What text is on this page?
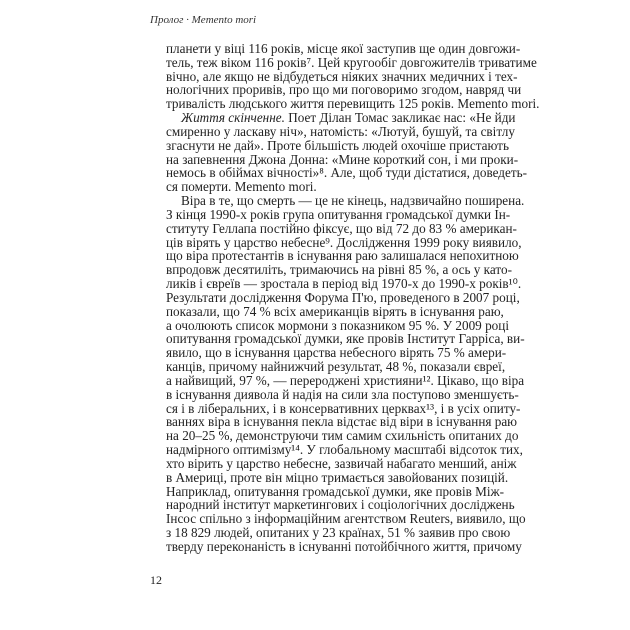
Пролог · Memento mori
планети у віці 116 років, місце якої заступив ще один довгожи-
тель, теж віком 116 років⁷. Цей кругообіг довгожителів триватиме
вічно, але якщо не відбудеться ніяких значних медичних і тех-
нологічних проривів, про що ми поговоримо згодом, навряд чи
тривалість людського життя перевищить 125 років. Memento mori.
Життя скінченне. Поет Ділан Томас закликає нас: «Не йди
смиренно у ласкаву ніч», натомість: «Лютуй, бушуй, та світлу
згаснути не дай». Проте більшість людей охочіше пристають
на запевнення Джона Донна: «Мине короткий сон, і ми проки-
немось в обіймах вічності»⁸. Але, щоб туди дістатися, доведеть-
ся померти. Memento mori.
Віра в те, що смерть — це не кінець, надзвичайно поширена.
З кінця 1990-х років група опитування громадської думки Ін-
ституту Геллапа постійно фіксує, що від 72 до 83 % американ-
ців вірять у царство небесне⁹. Дослідження 1999 року виявило,
що віра протестантів в існування раю залишалася непохитною
впродовж десятиліть, тримаючись на рівні 85 %, а ось у като-
ликів і євреїв — зростала в період від 1970-х до 1990-х років¹⁰.
Результати дослідження Форума П'ю, проведеного в 2007 році,
показали, що 74 % всіх американців вірять в існування раю,
а очолюють список мормони з показником 95 %. У 2009 році
опитування громадської думки, яке провів Інститут Гарріса, ви-
явило, що в існування царства небесного вірять 75 % амери-
канців, причому найнижчий результат, 48 %, показали євреї,
а найвищий, 97 %, — перероджені християни¹². Цікаво, що віра
в існування диявола й надія на сили зла поступово зменшуєть-
ся і в ліберальних, і в консервативних церквах¹³, і в усіх опиту-
ваннях віра в існування пекла відстає від віри в існування раю
на 20–25 %, демонструючи тим самим схильність опитаних до
надмірного оптимізму¹⁴. У глобальному масштабі відсоток тих,
хто вірить у царство небесне, зазвичай набагато менший, аніж
в Америці, проте він міцно тримається завойованих позицій.
Наприклад, опитування громадської думки, яке провів Між-
народний інститут маркетингових і соціологічних досліджень
Інсос спільно з інформаційним агентством Reuters, виявило, що
з 18 829 людей, опитаних у 23 країнах, 51 % заявив про свою
тверду переконаність в існуванні потойбічного життя, причому
12
